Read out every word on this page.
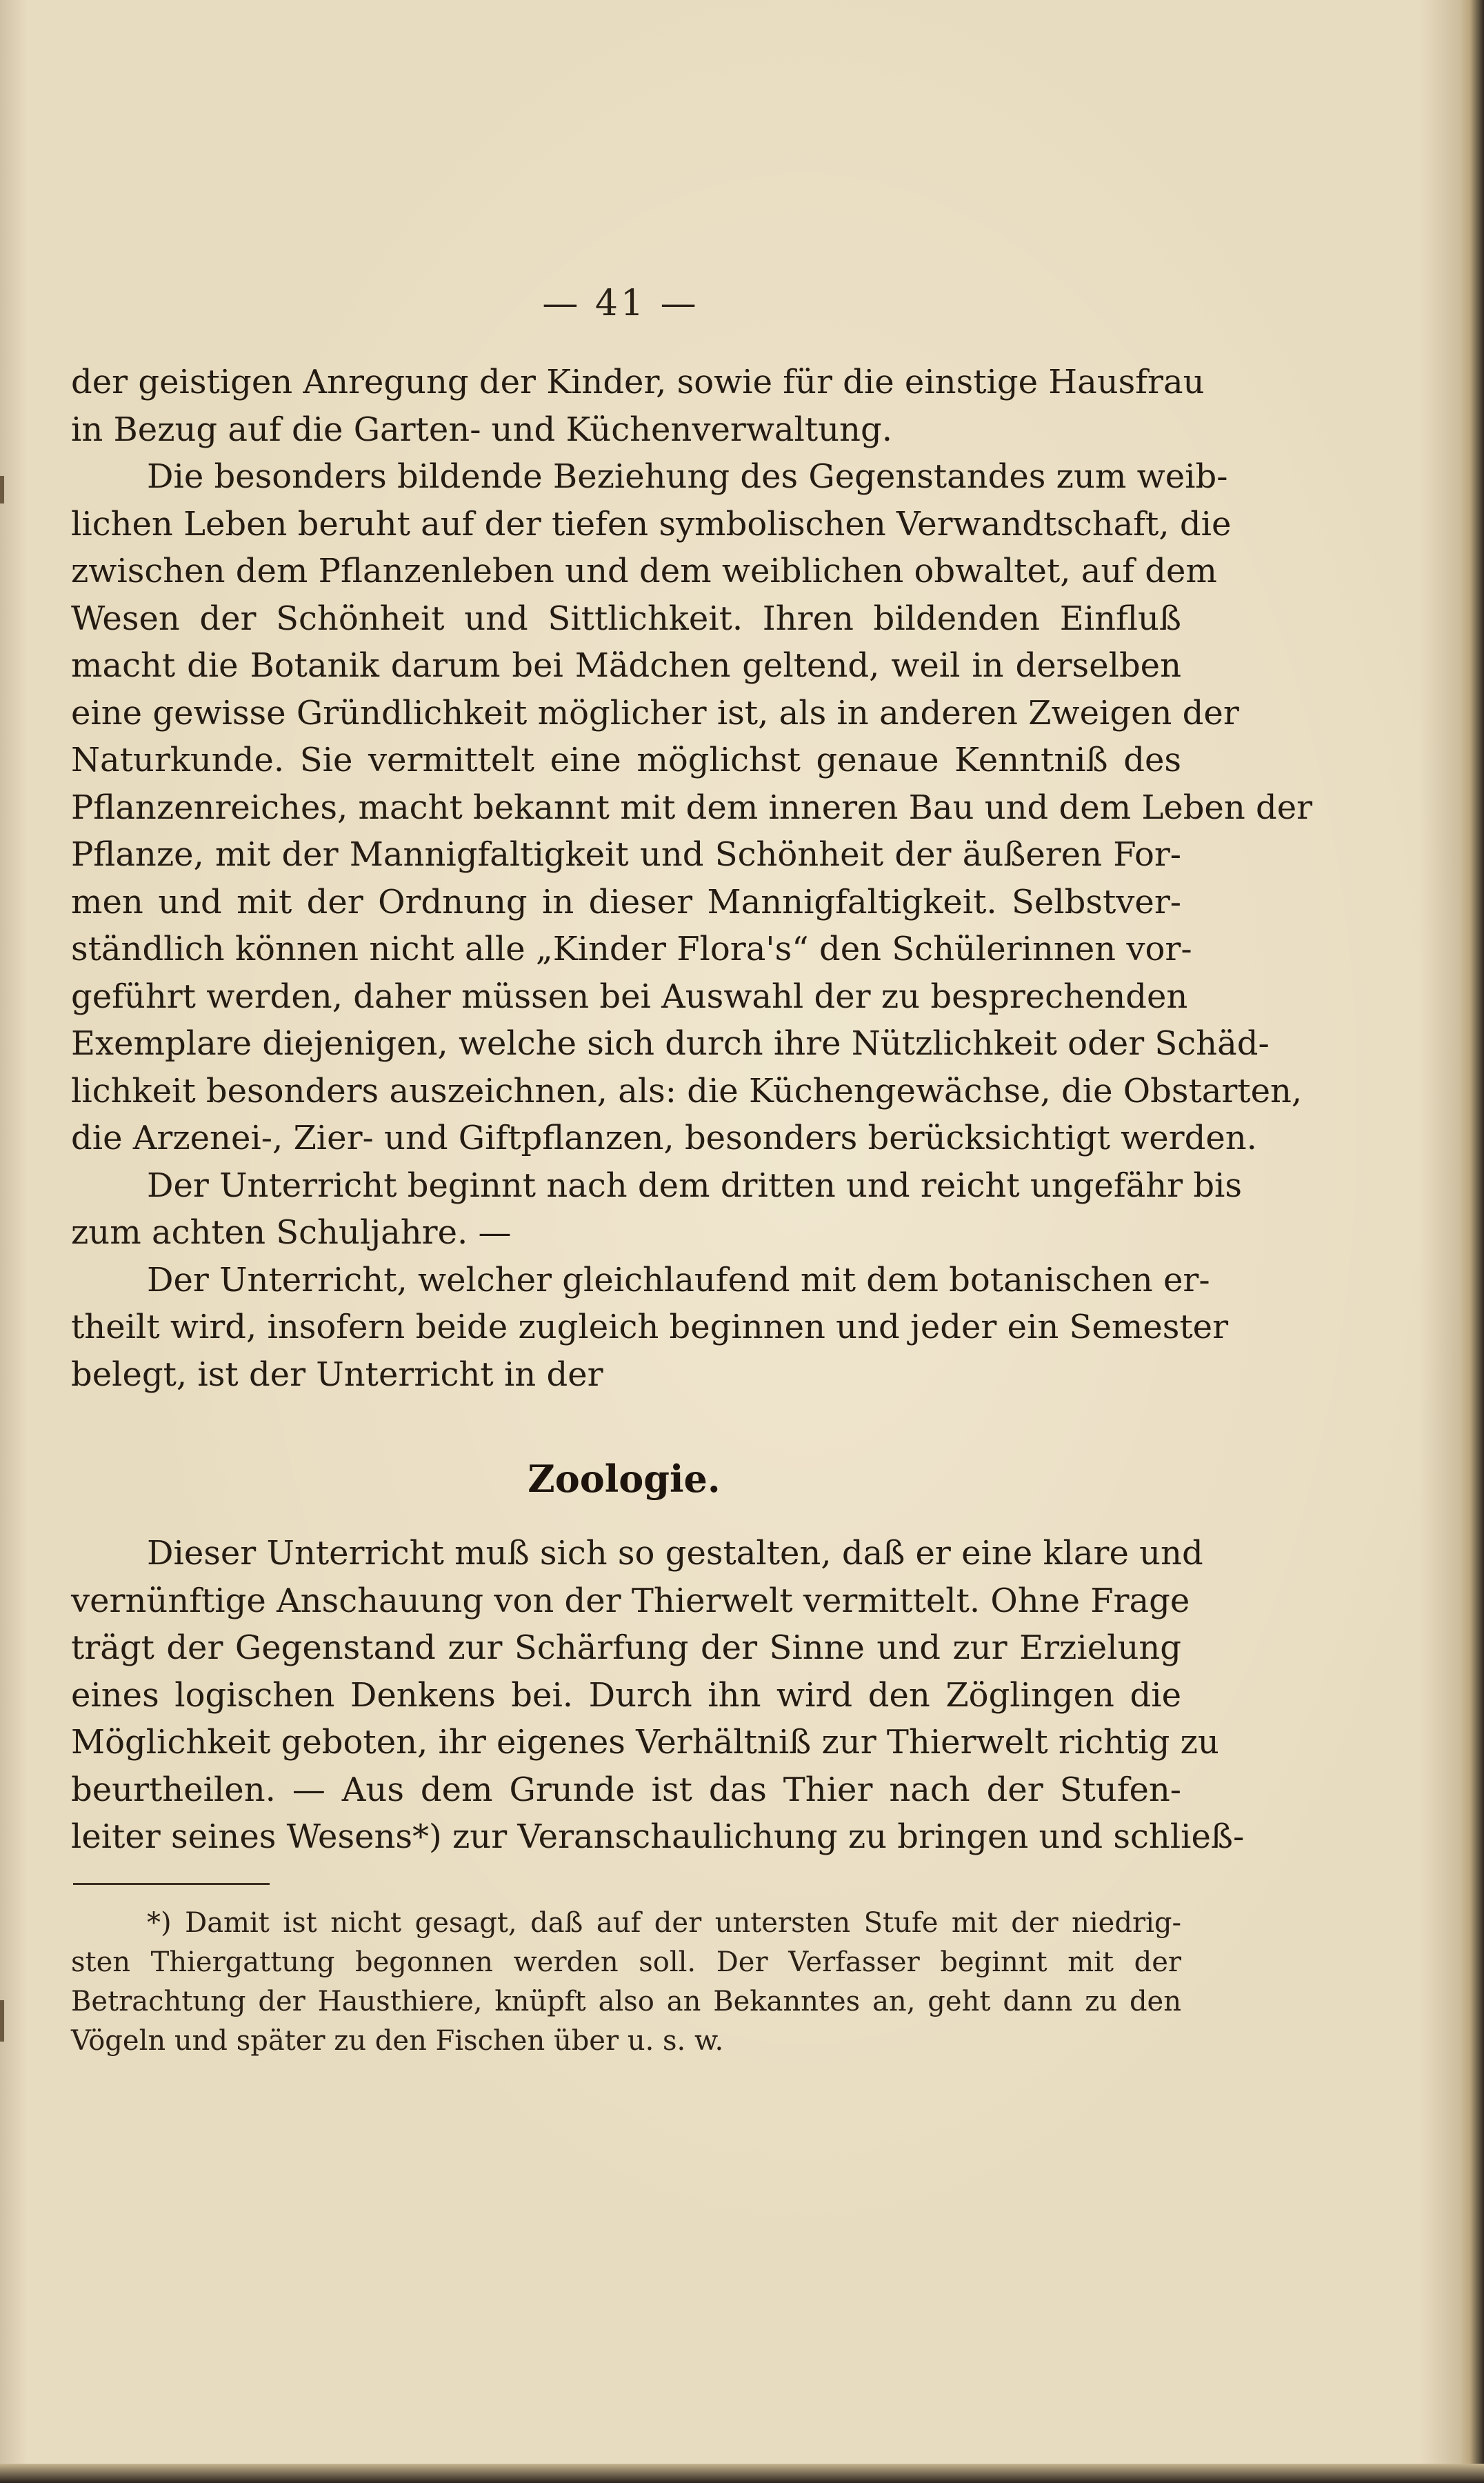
— 41 —
der geistigen Anregung der Kinder, sowie für die einstige Hausfrau
in Bezug auf die Garten- und Küchenverwaltung.
Die besonders bildende Beziehung des Gegenstandes zum weib-
lichen Leben beruht auf der tiefen symbolischen Verwandtschaft, die
zwischen dem Pflanzenleben und dem weiblichen obwaltet, auf dem
Wesen der Schönheit und Sittlichkeit. Ihren bildenden Einfluß
macht die Botanik darum bei Mädchen geltend, weil in derselben
eine gewisse Gründlichkeit möglicher ist, als in anderen Zweigen der
Naturkunde. Sie vermittelt eine möglichst genaue Kenntniß des
Pflanzenreiches, macht bekannt mit dem inneren Bau und dem Leben der
Pflanze, mit der Mannigfaltigkeit und Schönheit der äußeren For-
men und mit der Ordnung in dieser Mannigfaltigkeit. Selbstver-
ständlich können nicht alle „Kinder Flora's“ den Schülerinnen vor-
geführt werden, daher müssen bei Auswahl der zu besprechenden
Exemplare diejenigen, welche sich durch ihre Nützlichkeit oder Schäd-
lichkeit besonders auszeichnen, als: die Küchengewächse, die Obstarten,
die Arzenei-, Zier- und Giftpflanzen, besonders berücksichtigt werden.
Der Unterricht beginnt nach dem dritten und reicht ungefähr bis
zum achten Schuljahre. —
Der Unterricht, welcher gleichlaufend mit dem botanischen er-
theilt wird, insofern beide zugleich beginnen und jeder ein Semester
belegt, ist der Unterricht in der
Zoologie.
Dieser Unterricht muß sich so gestalten, daß er eine klare und
vernünftige Anschauung von der Thierwelt vermittelt. Ohne Frage
trägt der Gegenstand zur Schärfung der Sinne und zur Erzielung
eines logischen Denkens bei. Durch ihn wird den Zöglingen die
Möglichkeit geboten, ihr eigenes Verhältniß zur Thierwelt richtig zu
beurtheilen. — Aus dem Grunde ist das Thier nach der Stufen-
leiter seines Wesens*) zur Veranschaulichung zu bringen und schließ-
*) Damit ist nicht gesagt, daß auf der untersten Stufe mit der niedrig-
sten Thiergattung begonnen werden soll. Der Verfasser beginnt mit der
Betrachtung der Hausthiere, knüpft also an Bekanntes an, geht dann zu den
Vögeln und später zu den Fischen über u. s. w.
